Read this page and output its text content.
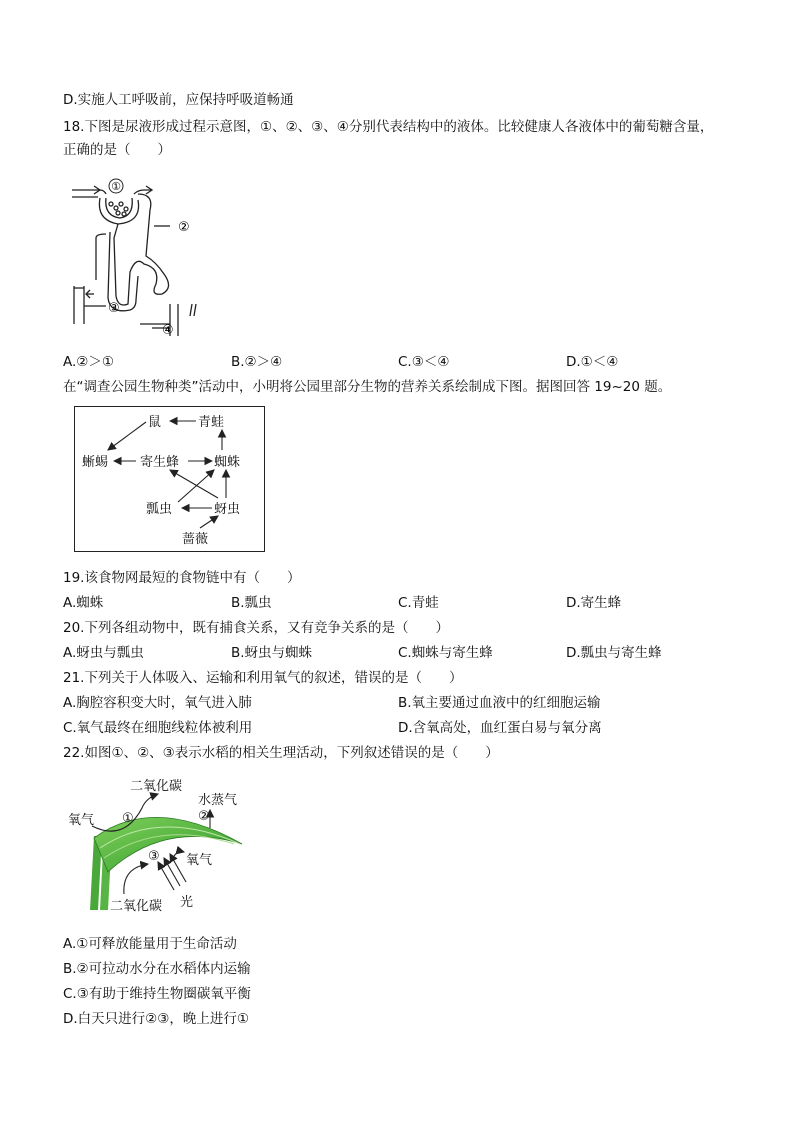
D.实施人工呼吸前，应保持呼吸道畅通
18.下图是尿液形成过程示意图，①、②、③、④分别代表结构中的液体。比较健康人各液体中的葡萄糖含量，
正确的是（　　）
①
②
③
④
A.②＞①	B.②＞④	C.③＜④	D.①＜④
在“调查公园生物种类”活动中，小明将公园里部分生物的营养关系绘制成下图。据图回答 19~20 题。
鼠	青蛙
蜥蜴 寄生蜂	蜘蛛
瓢虫	蚜虫
蔷薇
19.该食物网最短的食物链中有（　　）
A.蜘蛛	B.瓢虫	C.青蛙	D.寄生蜂
20.下列各组动物中，既有捕食关系，又有竞争关系的是（　　）
A.蚜虫与瓢虫	B.蚜虫与蜘蛛	C.蜘蛛与寄生蜂	D.瓢虫与寄生蜂
21.下列关于人体吸入、运输和利用氧气的叙述，错误的是（　　）
A.胸腔容积变大时，氧气进入肺	B.氧主要通过血液中的红细胞运输
C.氧气最终在细胞线粒体被利用	D.含氧高处，血红蛋白易与氧分离
22.如图①、②、③表示水稻的相关生理活动，下列叙述错误的是（　　）
二氧化碳
水蒸气
氧气 ①	②
③ 氧气
二氧化碳 光
A.①可释放能量用于生命活动
B.②可拉动水分在水稻体内运输
C.③有助于维持生物圈碳氧平衡
D.白天只进行②③，晚上进行①
